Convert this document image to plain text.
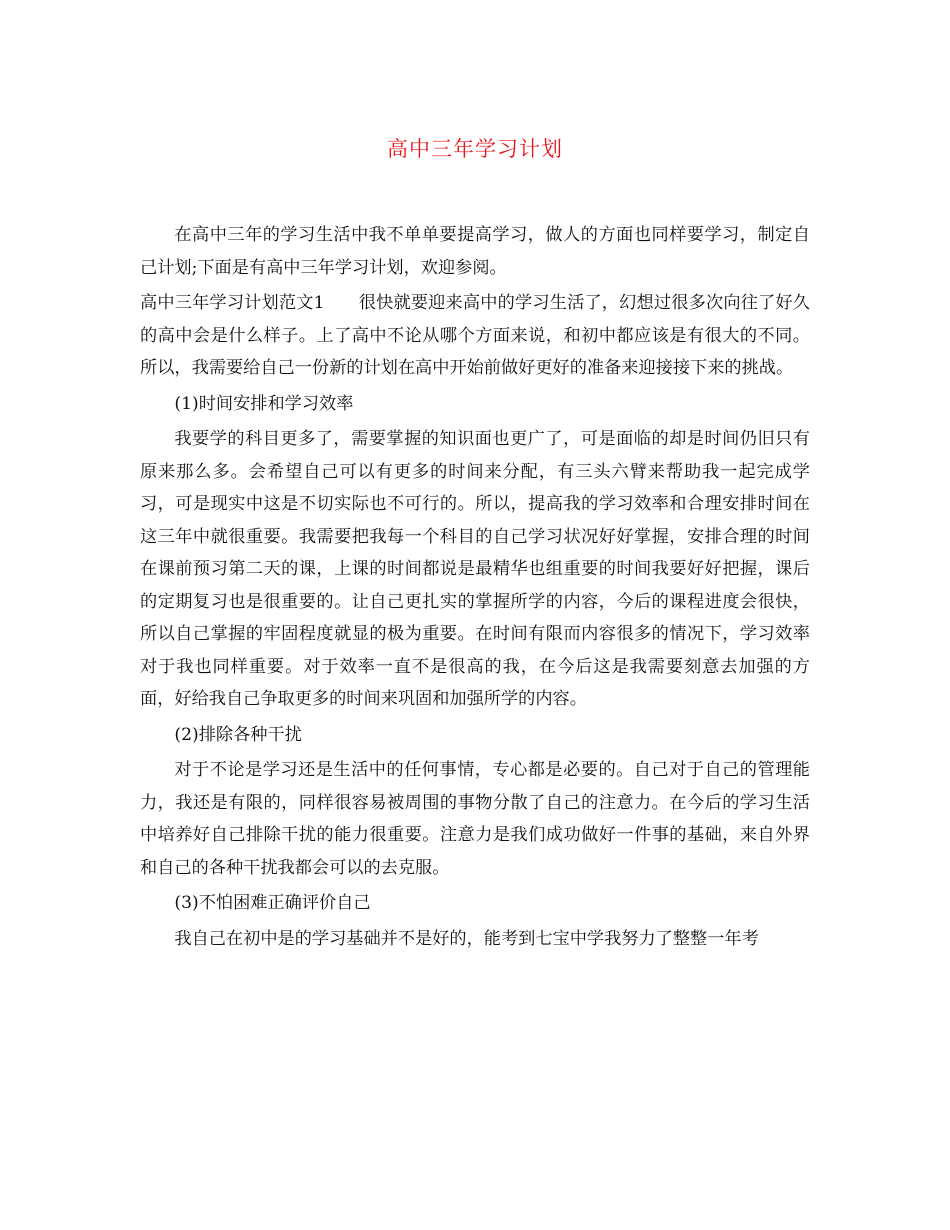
高中三年学习计划

在高中三年的学习生活中我不单单要提高学习，做人的方面也同样要学习，制定自己计划;下面是有高中三年学习计划，欢迎参阅。

高中三年学习计划范文1 很快就要迎来高中的学习生活了，幻想过很多次向往了好久的高中会是什么样子。上了高中不论从哪个方面来说，和初中都应该是有很大的不同。所以，我需要给自己一份新的计划在高中开始前做好更好的准备来迎接接下来的挑战。

(1)时间安排和学习效率

我要学的科目更多了，需要掌握的知识面也更广了，可是面临的却是时间仍旧只有原来那么多。会希望自己可以有更多的时间来分配，有三头六臂来帮助我一起完成学习，可是现实中这是不切实际也不可行的。所以，提高我的学习效率和合理安排时间在这三年中就很重要。我需要把我每一个科目的自己学习状况好好掌握，安排合理的时间在课前预习第二天的课，上课的时间都说是最精华也组重要的时间我要好好把握，课后的定期复习也是很重要的。让自己更扎实的掌握所学的内容，今后的课程进度会很快，所以自己掌握的牢固程度就显的极为重要。在时间有限而内容很多的情况下，学习效率对于我也同样重要。对于效率一直不是很高的我，在今后这是我需要刻意去加强的方面，好给我自己争取更多的时间来巩固和加强所学的内容。

(2)排除各种干扰

对于不论是学习还是生活中的任何事情，专心都是必要的。自己对于自己的管理能力，我还是有限的，同样很容易被周围的事物分散了自己的注意力。在今后的学习生活中培养好自己排除干扰的能力很重要。注意力是我们成功做好一件事的基础，来自外界和自己的各种干扰我都会可以的去克服。

(3)不怕困难正确评价自己

我自己在初中是的学习基础并不是好的，能考到七宝中学我努力了整整一年考
